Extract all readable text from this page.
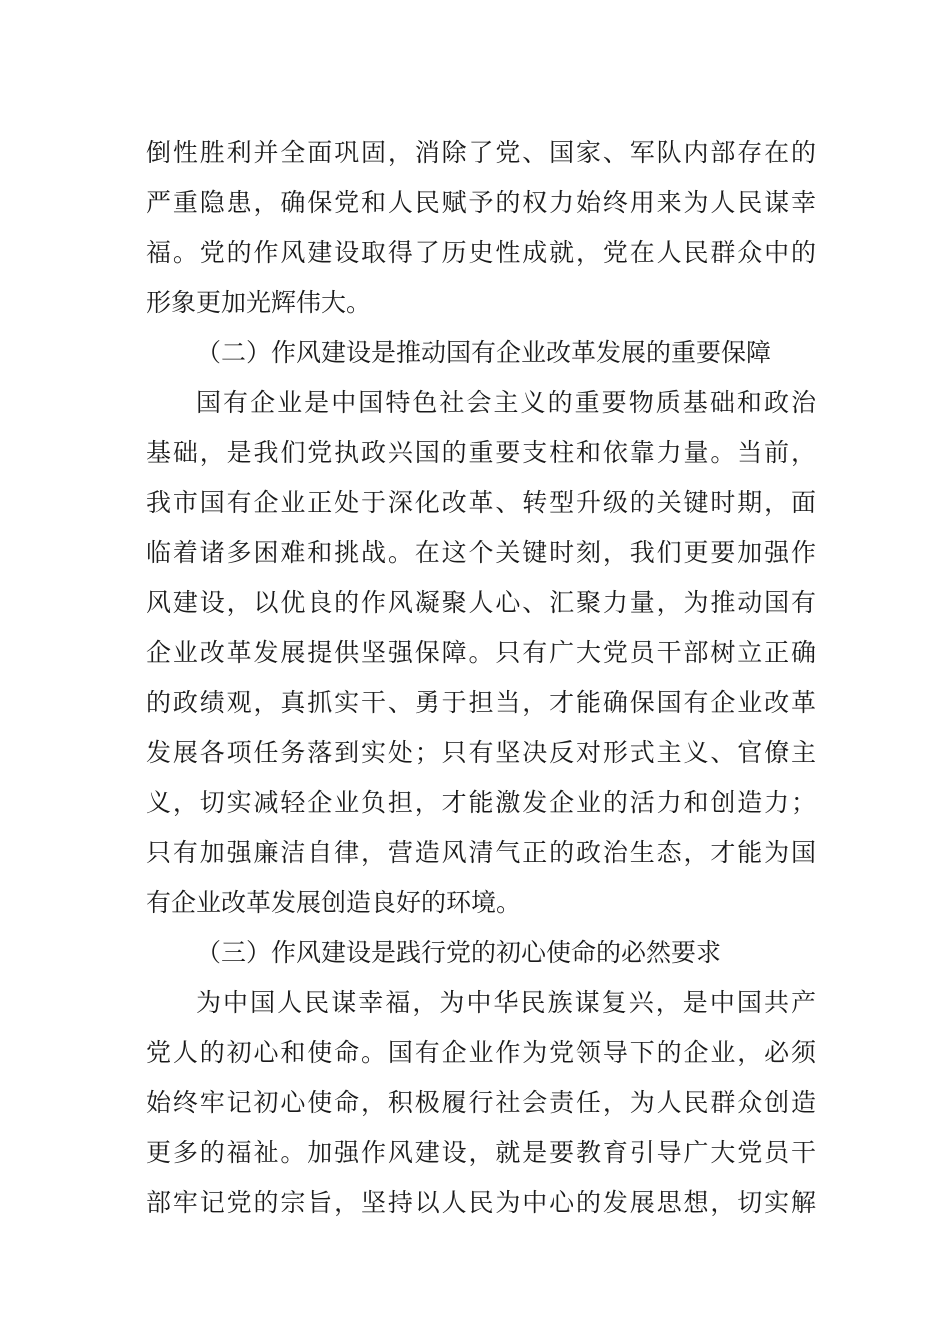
倒性胜利并全面巩固，消除了党、国家、军队内部存在的

严重隐患，确保党和人民赋予的权力始终用来为人民谋幸

福。党的作风建设取得了历史性成就，党在人民群众中的

形象更加光辉伟大。

（二）作风建设是推动国有企业改革发展的重要保障

国有企业是中国特色社会主义的重要物质基础和政治

基础，是我们党执政兴国的重要支柱和依靠力量。当前，

我市国有企业正处于深化改革、转型升级的关键时期，面

临着诸多困难和挑战。在这个关键时刻，我们更要加强作

风建设，以优良的作风凝聚人心、汇聚力量，为推动国有

企业改革发展提供坚强保障。只有广大党员干部树立正确

的政绩观，真抓实干、勇于担当，才能确保国有企业改革

发展各项任务落到实处；只有坚决反对形式主义、官僚主

义，切实减轻企业负担，才能激发企业的活力和创造力；

只有加强廉洁自律，营造风清气正的政治生态，才能为国

有企业改革发展创造良好的环境。

（三）作风建设是践行党的初心使命的必然要求

为中国人民谋幸福，为中华民族谋复兴，是中国共产

党人的初心和使命。国有企业作为党领导下的企业，必须

始终牢记初心使命，积极履行社会责任，为人民群众创造

更多的福祉。加强作风建设，就是要教育引导广大党员干

部牢记党的宗旨，坚持以人民为中心的发展思想，切实解
